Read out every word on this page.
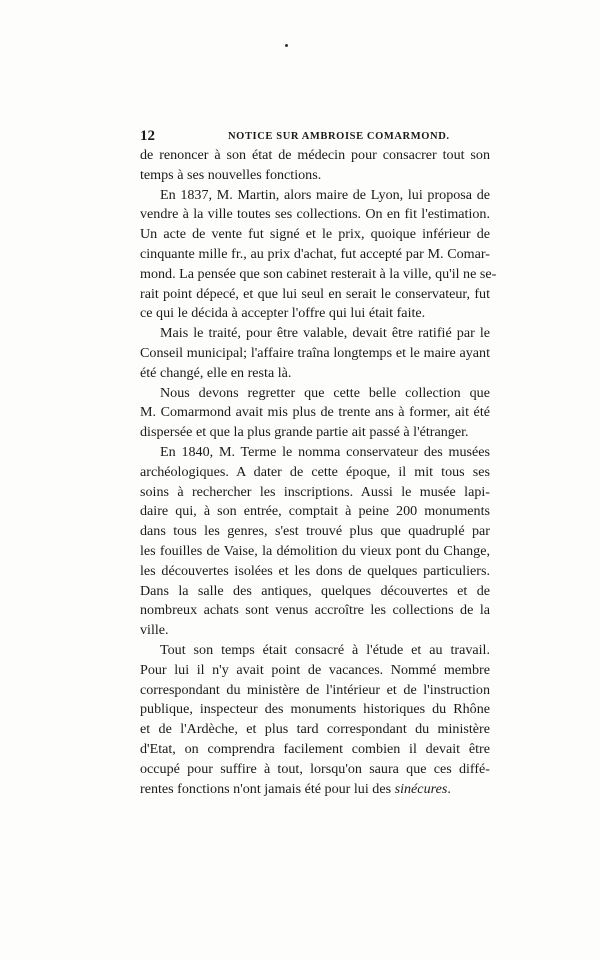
12	NOTICE SUR AMBROISE COMARMOND.
de renoncer à son état de médecin pour consacrer tout son
temps à ses nouvelles fonctions.
En 1837, M. Martin, alors maire de Lyon, lui proposa de
vendre à la ville toutes ses collections. On en fit l'estimation.
Un acte de vente fut signé et le prix, quoique inférieur de
cinquante mille fr., au prix d'achat, fut accepté par M. Comar-
mond. La pensée que son cabinet resterait à la ville, qu'il ne se-
rait point dépecé, et que lui seul en serait le conservateur, fut
ce qui le décida à accepter l'offre qui lui était faite.
Mais le traité, pour être valable, devait être ratifié par le
Conseil municipal; l'affaire traîna longtemps et le maire ayant
été changé, elle en resta là.
Nous devons regretter que cette belle collection que
M. Comarmond avait mis plus de trente ans à former, ait été
dispersée et que la plus grande partie ait passé à l'étranger.
En 1840, M. Terme le nomma conservateur des musées
archéologiques. A dater de cette époque, il mit tous ses
soins à rechercher les inscriptions. Aussi le musée lapi-
daire qui, à son entrée, comptait à peine 200 monuments
dans tous les genres, s'est trouvé plus que quadruplé par
les fouilles de Vaise, la démolition du vieux pont du Change,
les découvertes isolées et les dons de quelques particuliers.
Dans la salle des antiques, quelques découvertes et de
nombreux achats sont venus accroître les collections de la
ville.
Tout son temps était consacré à l'étude et au travail.
Pour lui il n'y avait point de vacances. Nommé membre
correspondant du ministère de l'intérieur et de l'instruction
publique, inspecteur des monuments historiques du Rhône
et de l'Ardèche, et plus tard correspondant du ministère
d'Etat, on comprendra facilement combien il devait être
occupé pour suffire à tout, lorsqu'on saura que ces diffé-
rentes fonctions n'ont jamais été pour lui des sinécures.
